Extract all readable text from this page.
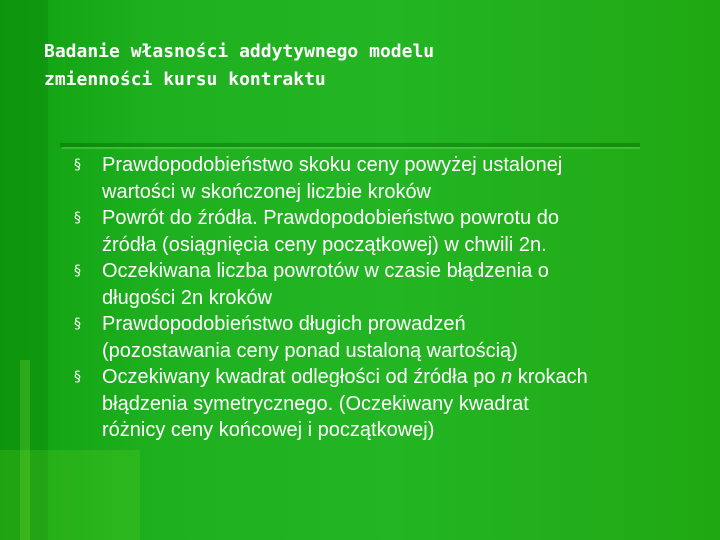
Badanie własności addytywnego modelu
zmienności kursu kontraktu
§ Prawdopodobieństwo skoku ceny powyżej ustalonej
wartości w skończonej liczbie kroków
§ Powrót do źródła. Prawdopodobieństwo powrotu do
źródła (osiągnięcia ceny początkowej) w chwili 2n.
§ Oczekiwana liczba powrotów w czasie błądzenia o
długości 2n kroków
§ Prawdopodobieństwo długich prowadzeń
(pozostawania ceny ponad ustaloną wartością)
§ Oczekiwany kwadrat odległości od źródła po n krokach
błądzenia symetrycznego. (Oczekiwany kwadrat
różnicy ceny końcowej i początkowej)
